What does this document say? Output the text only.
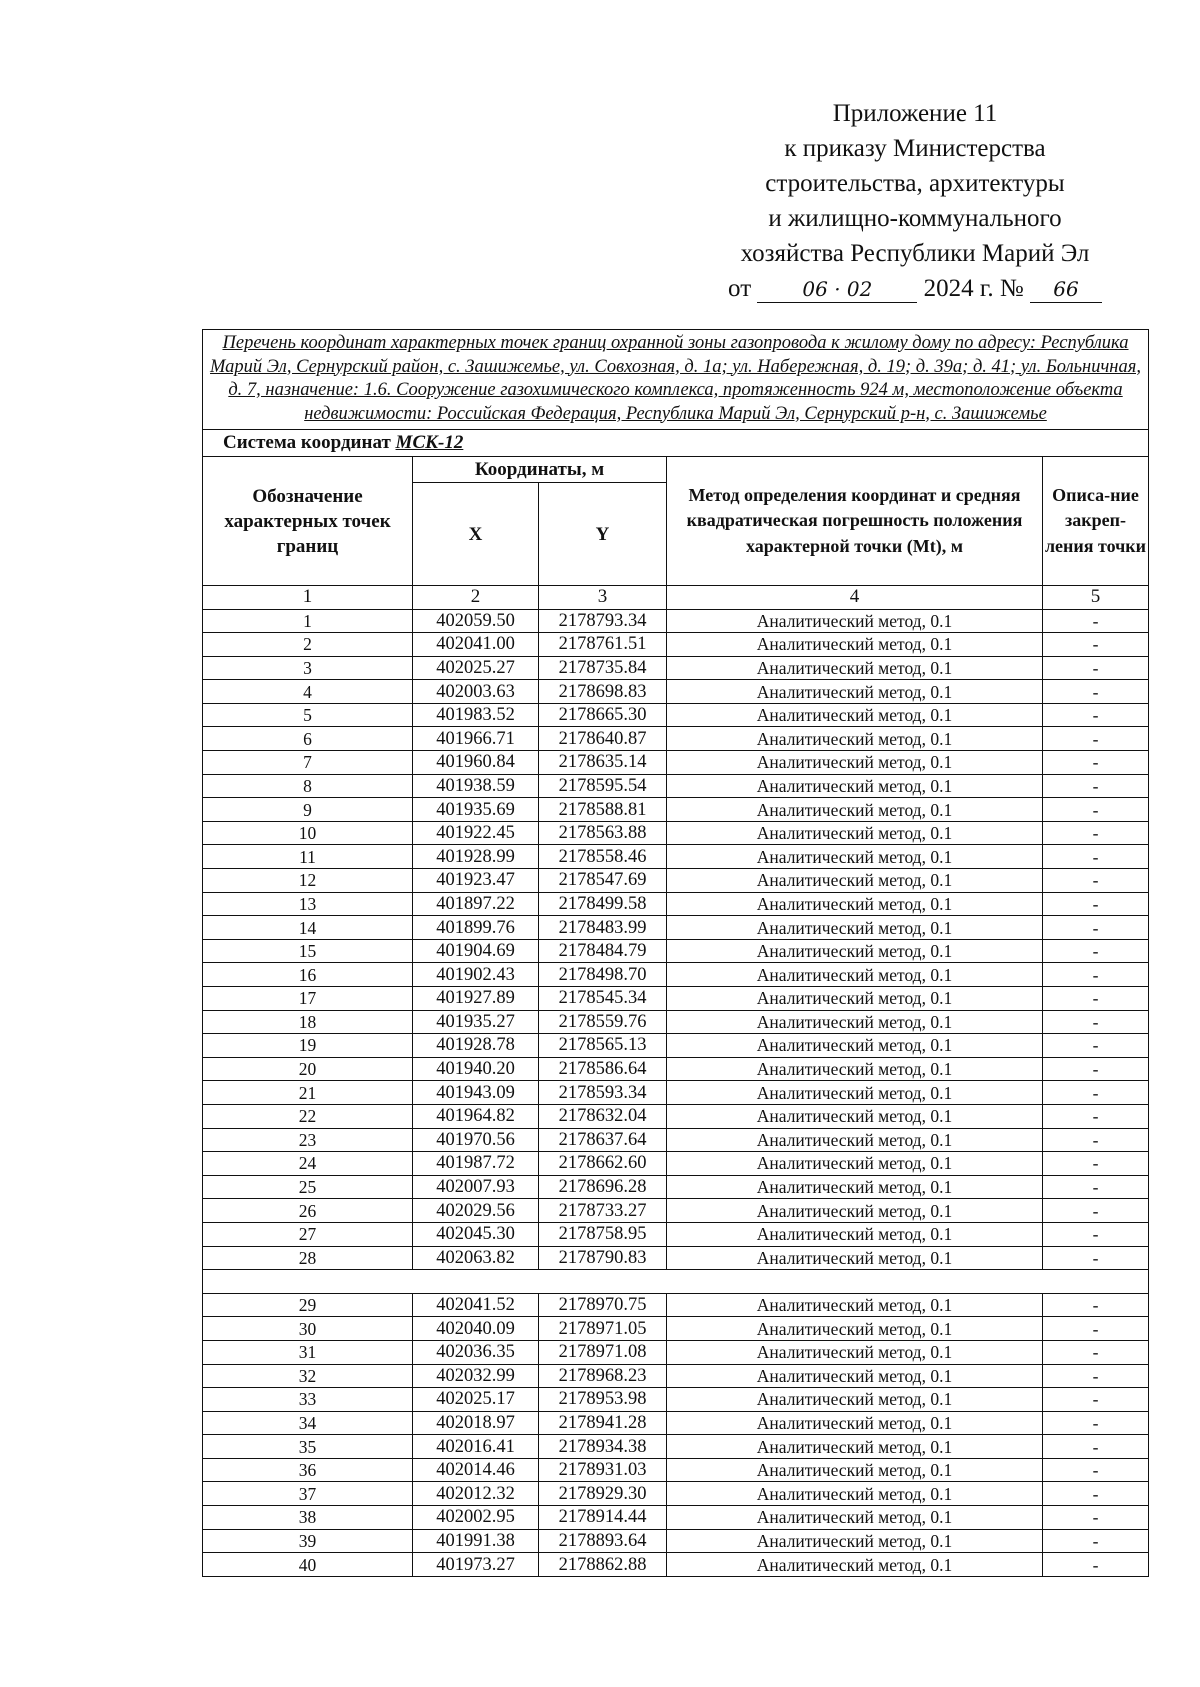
Приложение 11
к приказу Министерства
строительства, архитектуры
и жилищно-коммунального
хозяйства Республики Марий Эл
от	06 · 02 2024 г. № 66
Перечень координат характерных точек границ охранной зоны газопровода к жилому дому по адресу: Республика Марий Эл, Сернурский район, с. Зашижемье, ул. Совхозная, д. 1а; ул. Набережная, д. 19; д. 39а; д. 41; ул. Больничная, д. 7, назначение: 1.6. Сооружение газохимического комплекса, протяженность 924 м, местоположение объекта недвижимости: Российская Федерация, Республика Марий Эл, Сернурский р-н, с. Зашижемье				
Система координат МСК-12				
Обозначение характерных точек границ	Координаты, м		Метод определения координат и средняя квадратическая погрешность положения характерной точки (Mt), м	Описа-ние закреп-ления точки
	X	Y		
1	2	3	4	5
1	402059.50	2178793.34	Аналитический метод, 0.1	-
2	402041.00	2178761.51	Аналитический метод, 0.1	-
3	402025.27	2178735.84	Аналитический метод, 0.1	-
4	402003.63	2178698.83	Аналитический метод, 0.1	-
5	401983.52	2178665.30	Аналитический метод, 0.1	-
6	401966.71	2178640.87	Аналитический метод, 0.1	-
7	401960.84	2178635.14	Аналитический метод, 0.1	-
8	401938.59	2178595.54	Аналитический метод, 0.1	-
9	401935.69	2178588.81	Аналитический метод, 0.1	-
10	401922.45	2178563.88	Аналитический метод, 0.1	-
11	401928.99	2178558.46	Аналитический метод, 0.1	-
12	401923.47	2178547.69	Аналитический метод, 0.1	-
13	401897.22	2178499.58	Аналитический метод, 0.1	-
14	401899.76	2178483.99	Аналитический метод, 0.1	-
15	401904.69	2178484.79	Аналитический метод, 0.1	-
16	401902.43	2178498.70	Аналитический метод, 0.1	-
17	401927.89	2178545.34	Аналитический метод, 0.1	-
18	401935.27	2178559.76	Аналитический метод, 0.1	-
19	401928.78	2178565.13	Аналитический метод, 0.1	-
20	401940.20	2178586.64	Аналитический метод, 0.1	-
21	401943.09	2178593.34	Аналитический метод, 0.1	-
22	401964.82	2178632.04	Аналитический метод, 0.1	-
23	401970.56	2178637.64	Аналитический метод, 0.1	-
24	401987.72	2178662.60	Аналитический метод, 0.1	-
25	402007.93	2178696.28	Аналитический метод, 0.1	-
26	402029.56	2178733.27	Аналитический метод, 0.1	-
27	402045.30	2178758.95	Аналитический метод, 0.1	-
28	402063.82	2178790.83	Аналитический метод, 0.1	-

29	402041.52	2178970.75	Аналитический метод, 0.1	-
30	402040.09	2178971.05	Аналитический метод, 0.1	-
31	402036.35	2178971.08	Аналитический метод, 0.1	-
32	402032.99	2178968.23	Аналитический метод, 0.1	-
33	402025.17	2178953.98	Аналитический метод, 0.1	-
34	402018.97	2178941.28	Аналитический метод, 0.1	-
35	402016.41	2178934.38	Аналитический метод, 0.1	-
36	402014.46	2178931.03	Аналитический метод, 0.1	-
37	402012.32	2178929.30	Аналитический метод, 0.1	-
38	402002.95	2178914.44	Аналитический метод, 0.1	-
39	401991.38	2178893.64	Аналитический метод, 0.1	-
40	401973.27	2178862.88	Аналитический метод, 0.1	-
